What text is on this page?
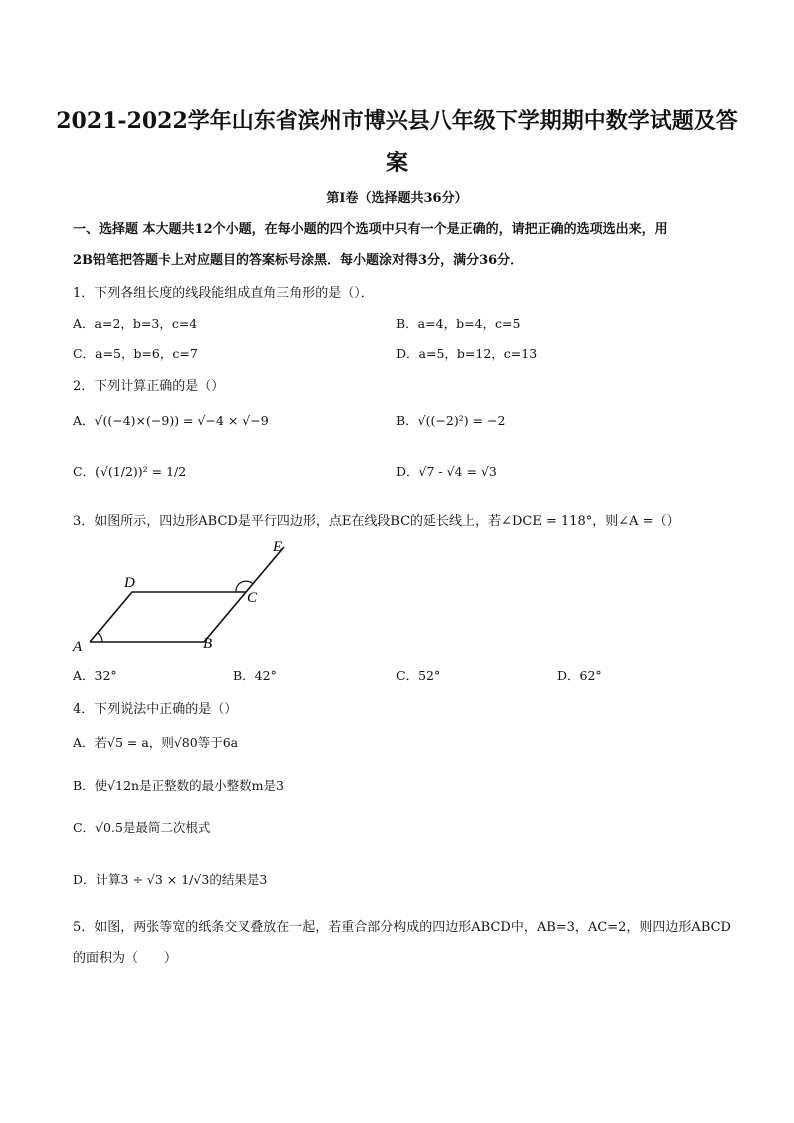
2021-2022学年山东省滨州市博兴县八年级下学期期中数学试题及答
案
第Ⅰ卷（选择题共36分）
一、选择题 本大题共12个小题，在每小题的四个选项中只有一个是正确的，请把正确的选项选出来，用
2B铅笔把答题卡上对应题目的答案标号涂黑．每小题涂对得3分，满分36分．
1．下列各组长度的线段能组成直角三角形的是（）．
A．a=2，b=3，c=4	B．a=4，b=4，c=5
C．a=5，b=6，c=7	D．a=5，b=12，c=13
2．下列计算正确的是（）
A．√((−4)×(−9)) = √−4 × √−9	B．√((−2)²) = −2
C．(√(1/2))² = 1/2	D．√7 - √4 = √3
3．如图所示，四边形ABCD是平行四边形，点E在线段BC的延长线上，若∠DCE = 118°，则∠A =（）
A	B
C
D
E
A．32°	B．42°	C．52°	D．62°
4．下列说法中正确的是（）
A．若√5 = a，则√80等于6a
B．使√12n是正整数的最小整数m是3
C．√0.5是最简二次根式
D．计算3 ÷ √3 × 1/√3的结果是3
5．如图，两张等宽的纸条交叉叠放在一起，若重合部分构成的四边形ABCD中，AB=3，AC=2，则四边形ABCD
的面积为（　　）
